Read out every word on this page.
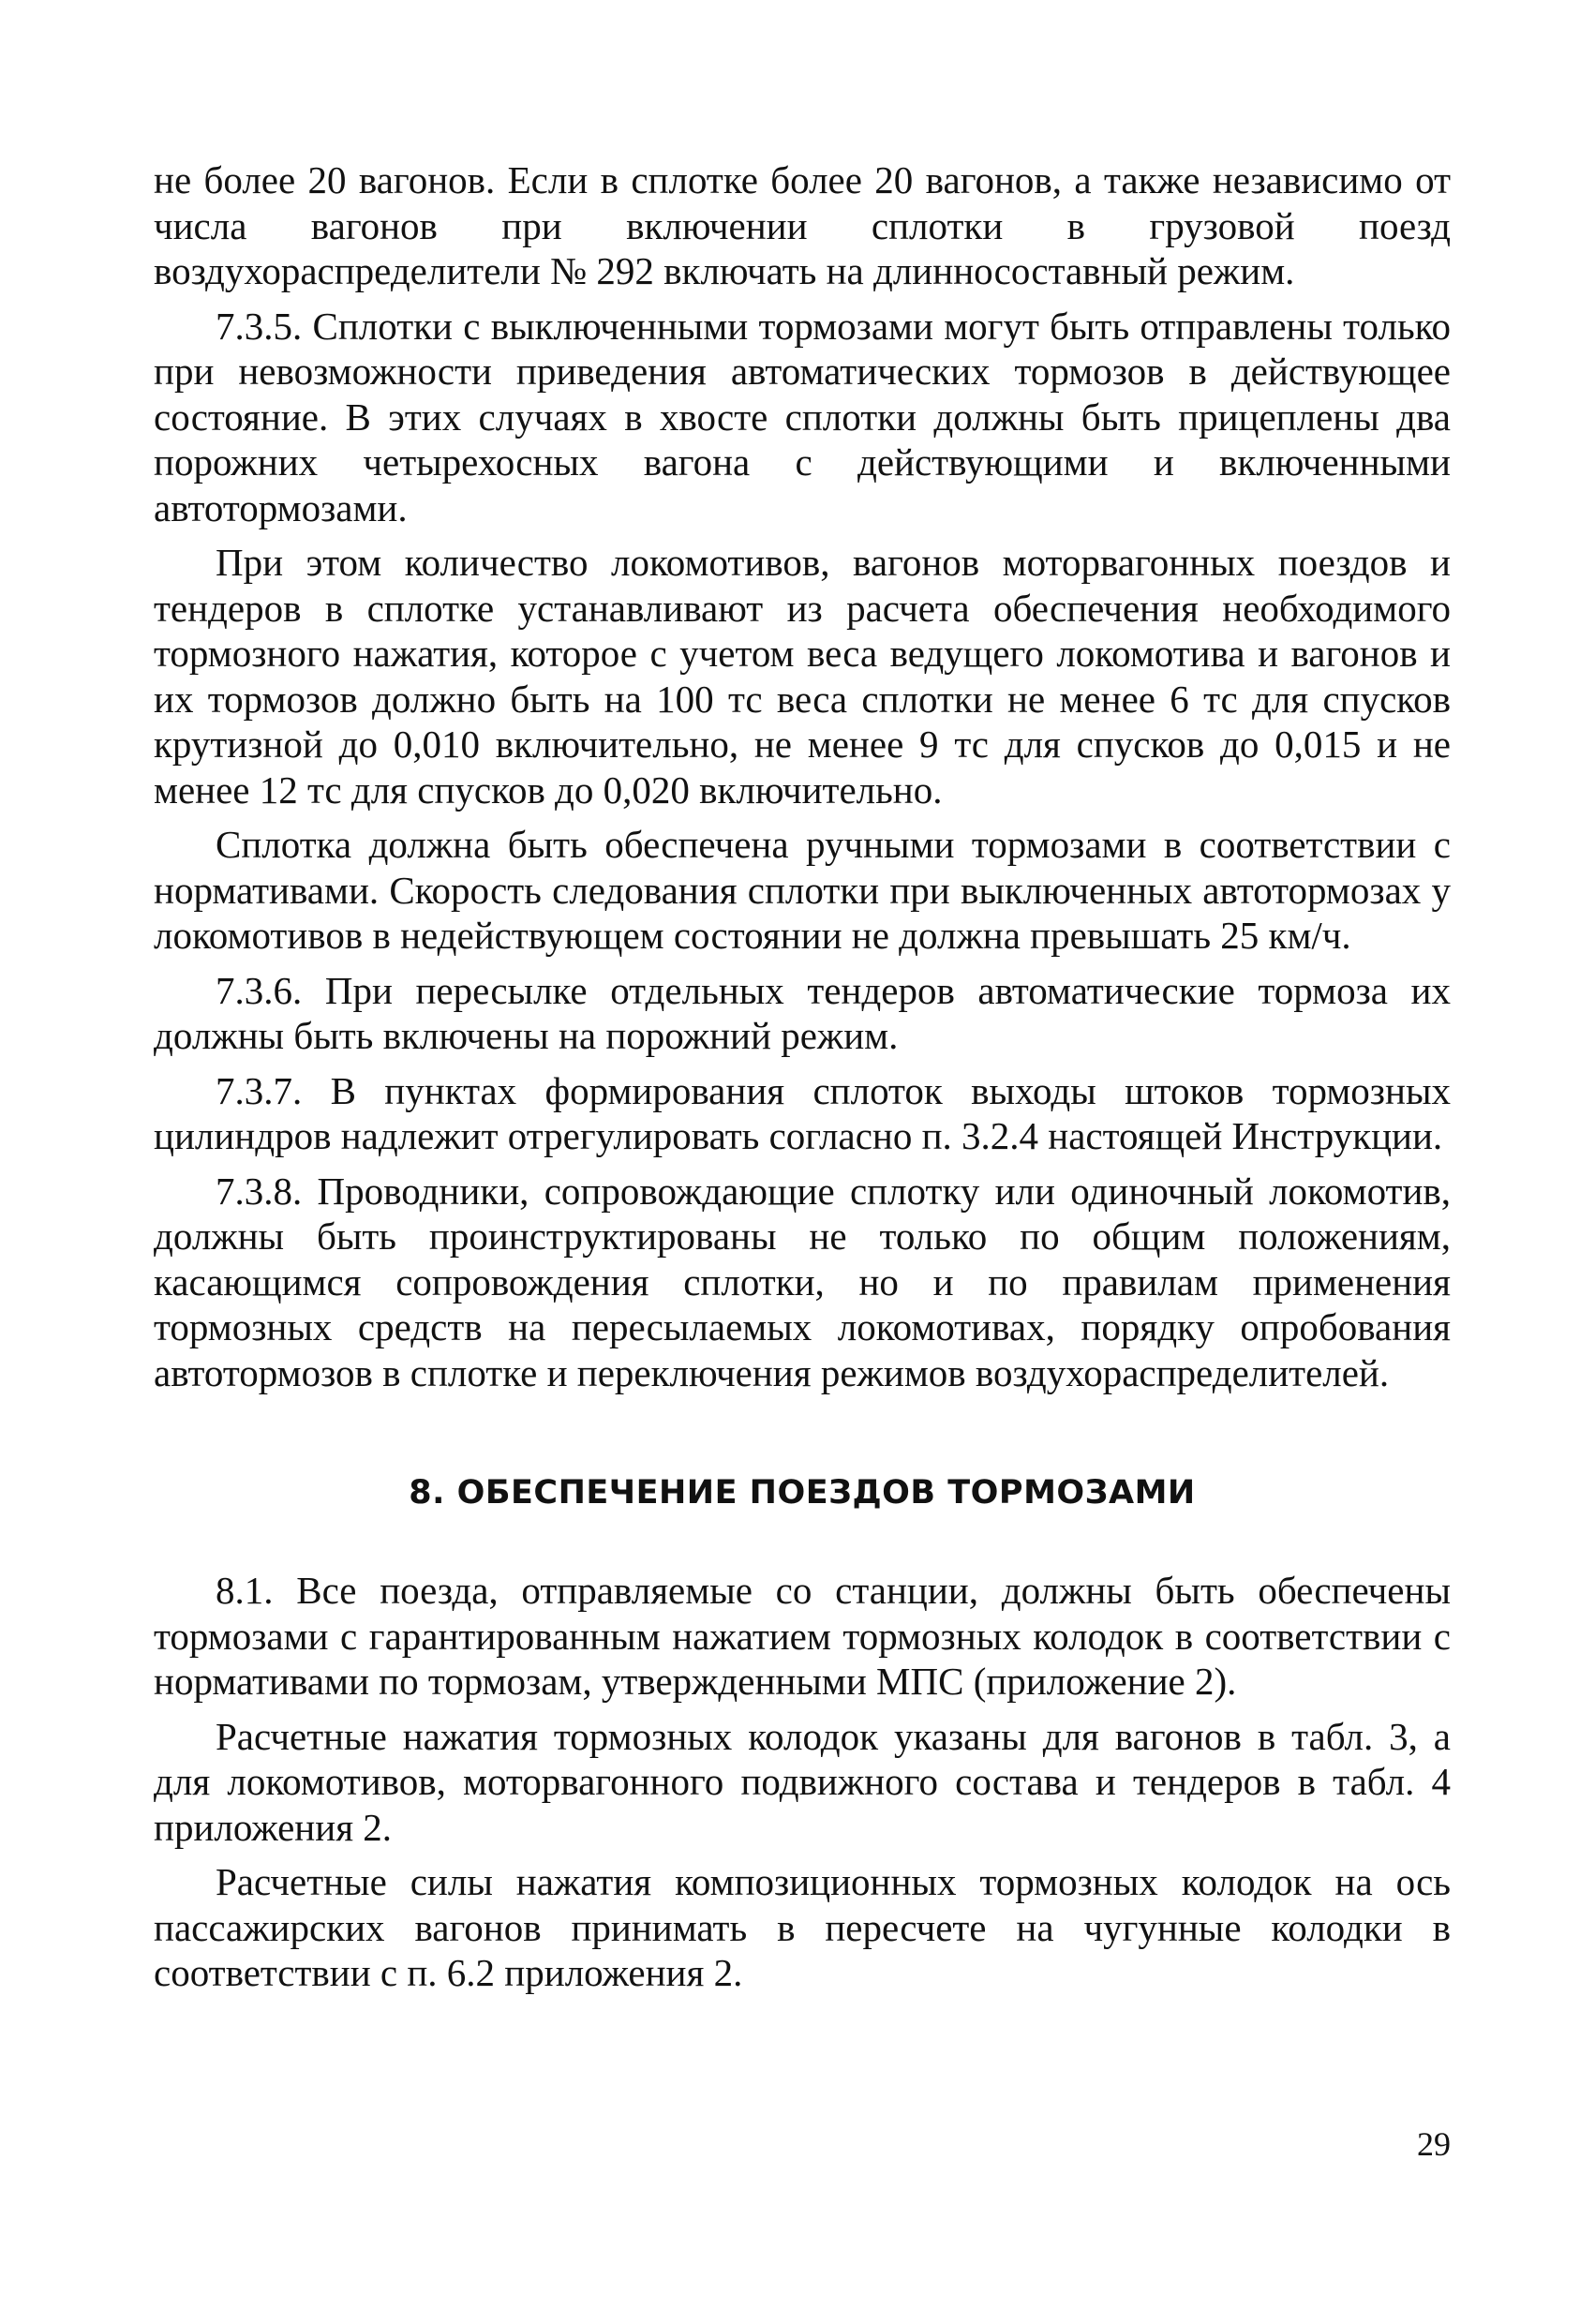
не более 20 вагонов. Если в сплотке более 20 вагонов, а также независимо от числа вагонов при включении сплотки в грузовой поезд воздухораспределители № 292 включать на длинносоставный режим.

7.3.5. Сплотки с выключенными тормозами могут быть отправлены только при невозможности приведения автоматических тормозов в действующее состояние. В этих случаях в хвосте сплотки должны быть прицеплены два порожних четырехосных вагона с действующими и включенными автотормозами.

При этом количество локомотивов, вагонов моторвагонных поездов и тендеров в сплотке устанавливают из расчета обеспечения необходимого тормозного нажатия, которое с учетом веса ведущего локомотива и вагонов и их тормозов должно быть на 100 тс веса сплотки не менее 6 тс для спусков крутизной до 0,010 включительно, не менее 9 тс для спусков до 0,015 и не менее 12 тс для спусков до 0,020 включительно.

Сплотка должна быть обеспечена ручными тормозами в соответствии с нормативами. Скорость следования сплотки при выключенных автотормозах у локомотивов в недействующем состоянии не должна превышать 25 км/ч.

7.3.6. При пересылке отдельных тендеров автоматические тормоза их должны быть включены на порожний режим.

7.3.7. В пунктах формирования сплоток выходы штоков тормозных цилиндров надлежит отрегулировать согласно п. 3.2.4 настоящей Инструкции.

7.3.8. Проводники, сопровождающие сплотку или одиночный локомотив, должны быть проинструктированы не только по общим положениям, касающимся сопровождения сплотки, но и по правилам применения тормозных средств на пересылаемых локомотивах, порядку опробования автотормозов в сплотке и переключения режимов воздухораспределителей.

8. ОБЕСПЕЧЕНИЕ ПОЕЗДОВ ТОРМОЗАМИ

8.1. Все поезда, отправляемые со станции, должны быть обеспечены тормозами с гарантированным нажатием тормозных колодок в соответствии с нормативами по тормозам, утвержденными МПС (приложение 2).

Расчетные нажатия тормозных колодок указаны для вагонов в табл. 3, а для локомотивов, моторвагонного подвижного состава и тендеров в табл. 4 приложения 2.

Расчетные силы нажатия композиционных тормозных колодок на ось пассажирских вагонов принимать в пересчете на чугунные колодки в соответствии с п. 6.2 приложения 2.

29
